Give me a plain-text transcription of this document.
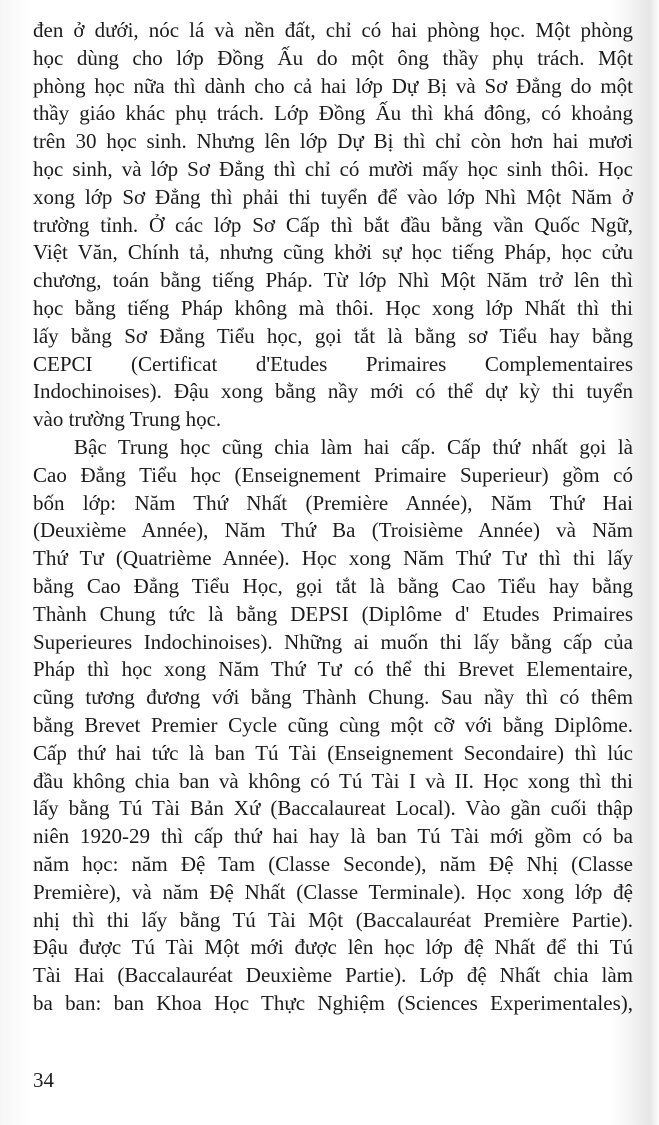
đen ở dưới, nóc lá và nền đất, chỉ có hai phòng học. Một phòng
học dùng cho lớp Đồng Ấu do một ông thầy phụ trách. Một
phòng học nữa thì dành cho cả hai lớp Dự Bị và Sơ Đẳng do một
thầy giáo khác phụ trách. Lớp Đồng Ấu thì khá đông, có khoảng
trên 30 học sinh. Nhưng lên lớp Dự Bị thì chỉ còn hơn hai mươi
học sinh, và lớp Sơ Đẳng thì chỉ có mười mấy học sinh thôi. Học
xong lớp Sơ Đẳng thì phải thi tuyển để vào lớp Nhì Một Năm ở
trường tỉnh. Ở các lớp Sơ Cấp thì bắt đầu bằng vần Quốc Ngữ,
Việt Văn, Chính tả, nhưng cũng khởi sự học tiếng Pháp, học cửu
chương, toán bằng tiếng Pháp. Từ lớp Nhì Một Năm trở lên thì
học bằng tiếng Pháp không mà thôi. Học xong lớp Nhất thì thi
lấy bằng Sơ Đẳng Tiểu học, gọi tắt là bằng sơ Tiểu hay bằng
CEPCI (Certificat d'Etudes Primaires Complementaires
Indochinoises). Đậu xong bằng nầy mới có thể dự kỳ thi tuyển
vào trường Trung học.
Bậc Trung học cũng chia làm hai cấp. Cấp thứ nhất gọi là
Cao Đẳng Tiểu học (Enseignement Primaire Superieur) gồm có
bốn lớp: Năm Thứ Nhất (Première Année), Năm Thứ Hai
(Deuxième Année), Năm Thứ Ba (Troisième Année) và Năm
Thứ Tư (Quatrième Année). Học xong Năm Thứ Tư thì thi lấy
bằng Cao Đẳng Tiểu Học, gọi tắt là bằng Cao Tiểu hay bằng
Thành Chung tức là bằng DEPSI (Diplôme d' Etudes Primaires
Superieures Indochinoises). Những ai muốn thi lấy bằng cấp của
Pháp thì học xong Năm Thứ Tư có thể thi Brevet Elementaire,
cũng tương đương với bằng Thành Chung. Sau nầy thì có thêm
bằng Brevet Premier Cycle cũng cùng một cỡ với bằng Diplôme.
Cấp thứ hai tức là ban Tú Tài (Enseignement Secondaire) thì lúc
đầu không chia ban và không có Tú Tài I và II. Học xong thì thi
lấy bằng Tú Tài Bản Xứ (Baccalaureat Local). Vào gần cuối thập
niên 1920-29 thì cấp thứ hai hay là ban Tú Tài mới gồm có ba
năm học: năm Đệ Tam (Classe Seconde), năm Đệ Nhị (Classe
Première), và năm Đệ Nhất (Classe Terminale). Học xong lớp đệ
nhị thì thi lấy bằng Tú Tài Một (Baccalauréat Première Partie).
Đậu được Tú Tài Một mới được lên học lớp đệ Nhất để thi Tú
Tài Hai (Baccalauréat Deuxième Partie). Lớp đệ Nhất chia làm
ba ban: ban Khoa Học Thực Nghiệm (Sciences Experimentales),
34
